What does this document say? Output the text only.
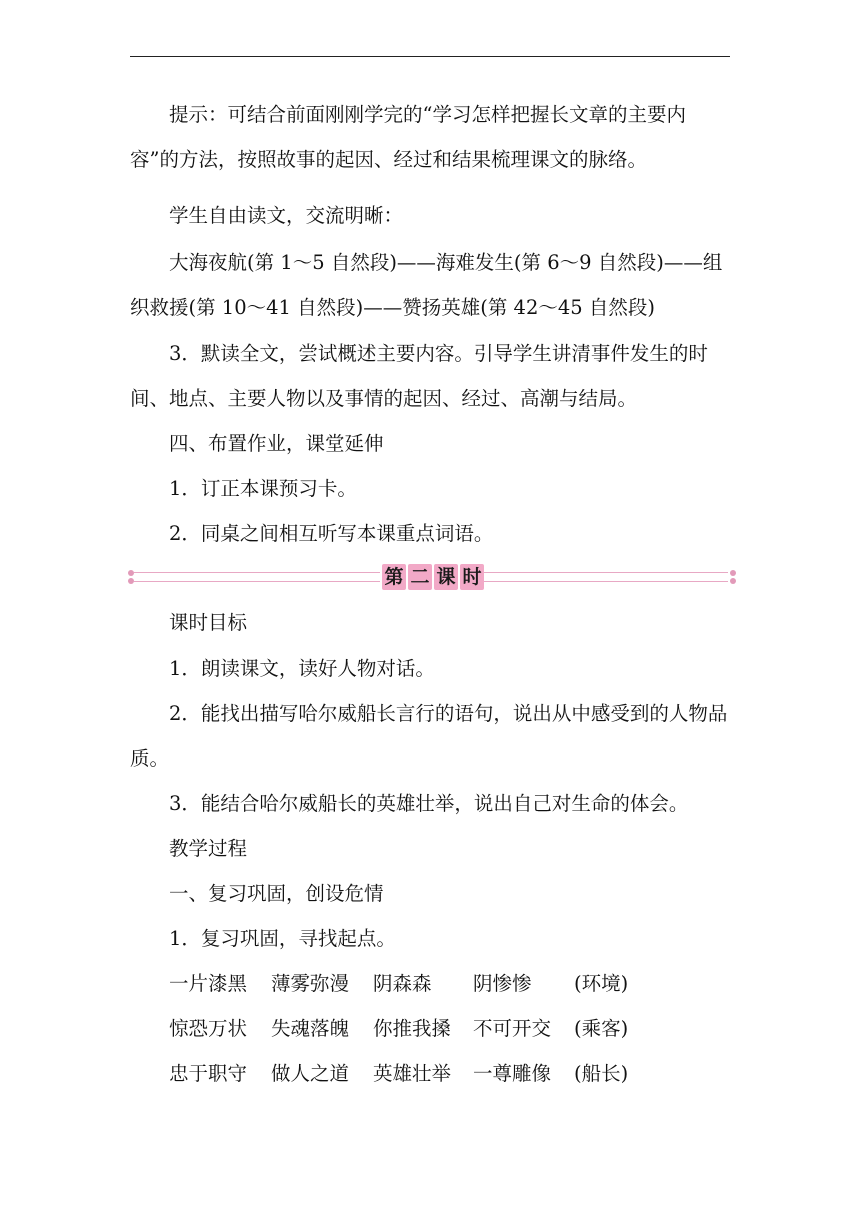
提示：可结合前面刚刚学完的“学习怎样把握长文章的主要内容”的方法，按照故事的起因、经过和结果梳理课文的脉络。

学生自由读文，交流明晰：

大海夜航(第 1～5 自然段)——海难发生(第 6～9 自然段)——组织救援(第 10～41 自然段)——赞扬英雄(第 42～45 自然段)

3．默读全文，尝试概述主要内容。引导学生讲清事件发生的时间、地点、主要人物以及事情的起因、经过、高潮与结局。

四、布置作业，课堂延伸

1．订正本课预习卡。

2．同桌之间相互听写本课重点词语。

第 二 课 时

课时目标

1．朗读课文，读好人物对话。

2．能找出描写哈尔威船长言行的语句，说出从中感受到的人物品质。

3．能结合哈尔威船长的英雄壮举，说出自己对生命的体会。

教学过程

一、复习巩固，创设危情

1．复习巩固，寻找起点。

一片漆黑 薄雾弥漫 阴森森 阴惨惨 (环境)
惊恐万状 失魂落魄 你推我搡 不可开交 (乘客)
忠于职守 做人之道 英雄壮举 一尊雕像 (船长)
